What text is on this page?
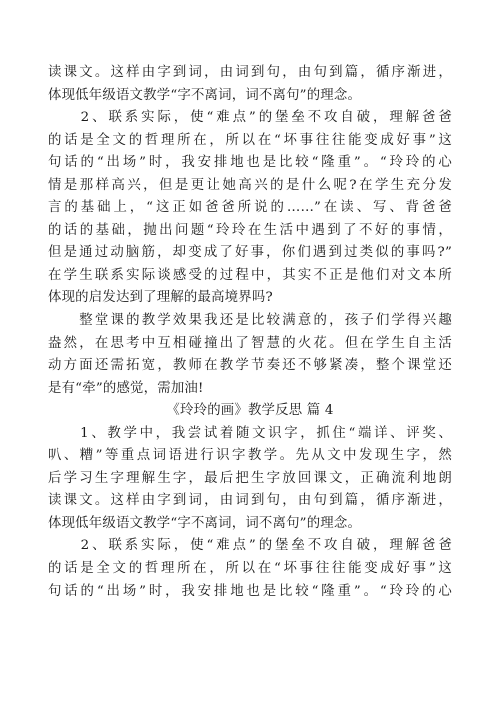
读课文。这样由字到词，由词到句，由句到篇，循序渐进，
体现低年级语文教学“字不离词，词不离句”的理念。
　　2、联系实际，使“难点”的堡垒不攻自破，理解爸爸
的话是全文的哲理所在，所以在“坏事往往能变成好事”这
句话的“出场”时，我安排地也是比较“隆重”。“玲玲的心
情是那样高兴，但是更让她高兴的是什么呢?在学生充分发
言的基础上，“这正如爸爸所说的……”在读、写、背爸爸
的话的基础，抛出问题“玲玲在生活中遇到了不好的事情，
但是通过动脑筋，却变成了好事，你们遇到过类似的事吗?”
在学生联系实际谈感受的过程中，其实不正是他们对文本所
体现的启发达到了理解的最高境界吗?
　　整堂课的教学效果我还是比较满意的，孩子们学得兴趣
盎然，在思考中互相碰撞出了智慧的火花。但在学生自主活
动方面还需拓宽，教师在教学节奏还不够紧凑，整个课堂还
是有“牵”的感觉，需加油!
《玲玲的画》教学反思 篇 4
　　1、教学中，我尝试着随文识字，抓住“端详、评奖、
叭、糟”等重点词语进行识字教学。先从文中发现生字，然
后学习生字理解生字，最后把生字放回课文，正确流利地朗
读课文。这样由字到词，由词到句，由句到篇，循序渐进，
体现低年级语文教学“字不离词，词不离句”的理念。
　　2、联系实际，使“难点”的堡垒不攻自破，理解爸爸
的话是全文的哲理所在，所以在“坏事往往能变成好事”这
句话的“出场”时，我安排地也是比较“隆重”。“玲玲的心
